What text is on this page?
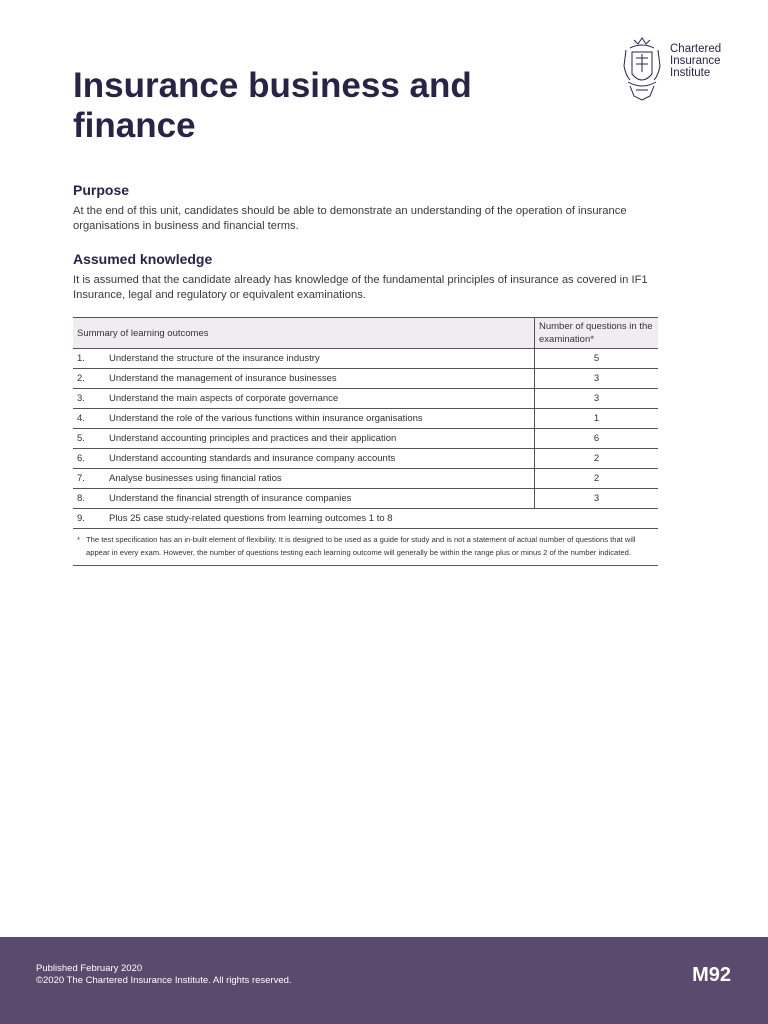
Insurance business and finance
Chartered
Insurance
Institute
Purpose

At the end of this unit, candidates should be able to demonstrate an understanding of the operation of insurance organisations in business and financial terms.

Assumed knowledge

It is assumed that the candidate already has knowledge of the fundamental principles of insurance as covered in IF1 Insurance, legal and regulatory or equivalent examinations.

Summary of learning outcomes	Number of questions in the examination*
1. Understand the structure of the insurance industry	5
2. Understand the management of insurance businesses	3
3. Understand the main aspects of corporate governance	3
4. Understand the role of the various functions within insurance organisations	1
5. Understand accounting principles and practices and their application	6
6. Understand accounting standards and insurance company accounts	2
7. Analyse businesses using financial ratios	2
8. Understand the financial strength of insurance companies	3
9. Plus 25 case study-related questions from learning outcomes 1 to 8	
* The test specification has an in-built element of flexibility. It is designed to be used as a guide for study and is not a statement of actual number of questions that will appear in every exam. However, the number of questions testing each learning outcome will generally be within the range plus or minus 2 of the number indicated.
Published February 2020
©2020 The Chartered Insurance Institute. All rights reserved.	M92
